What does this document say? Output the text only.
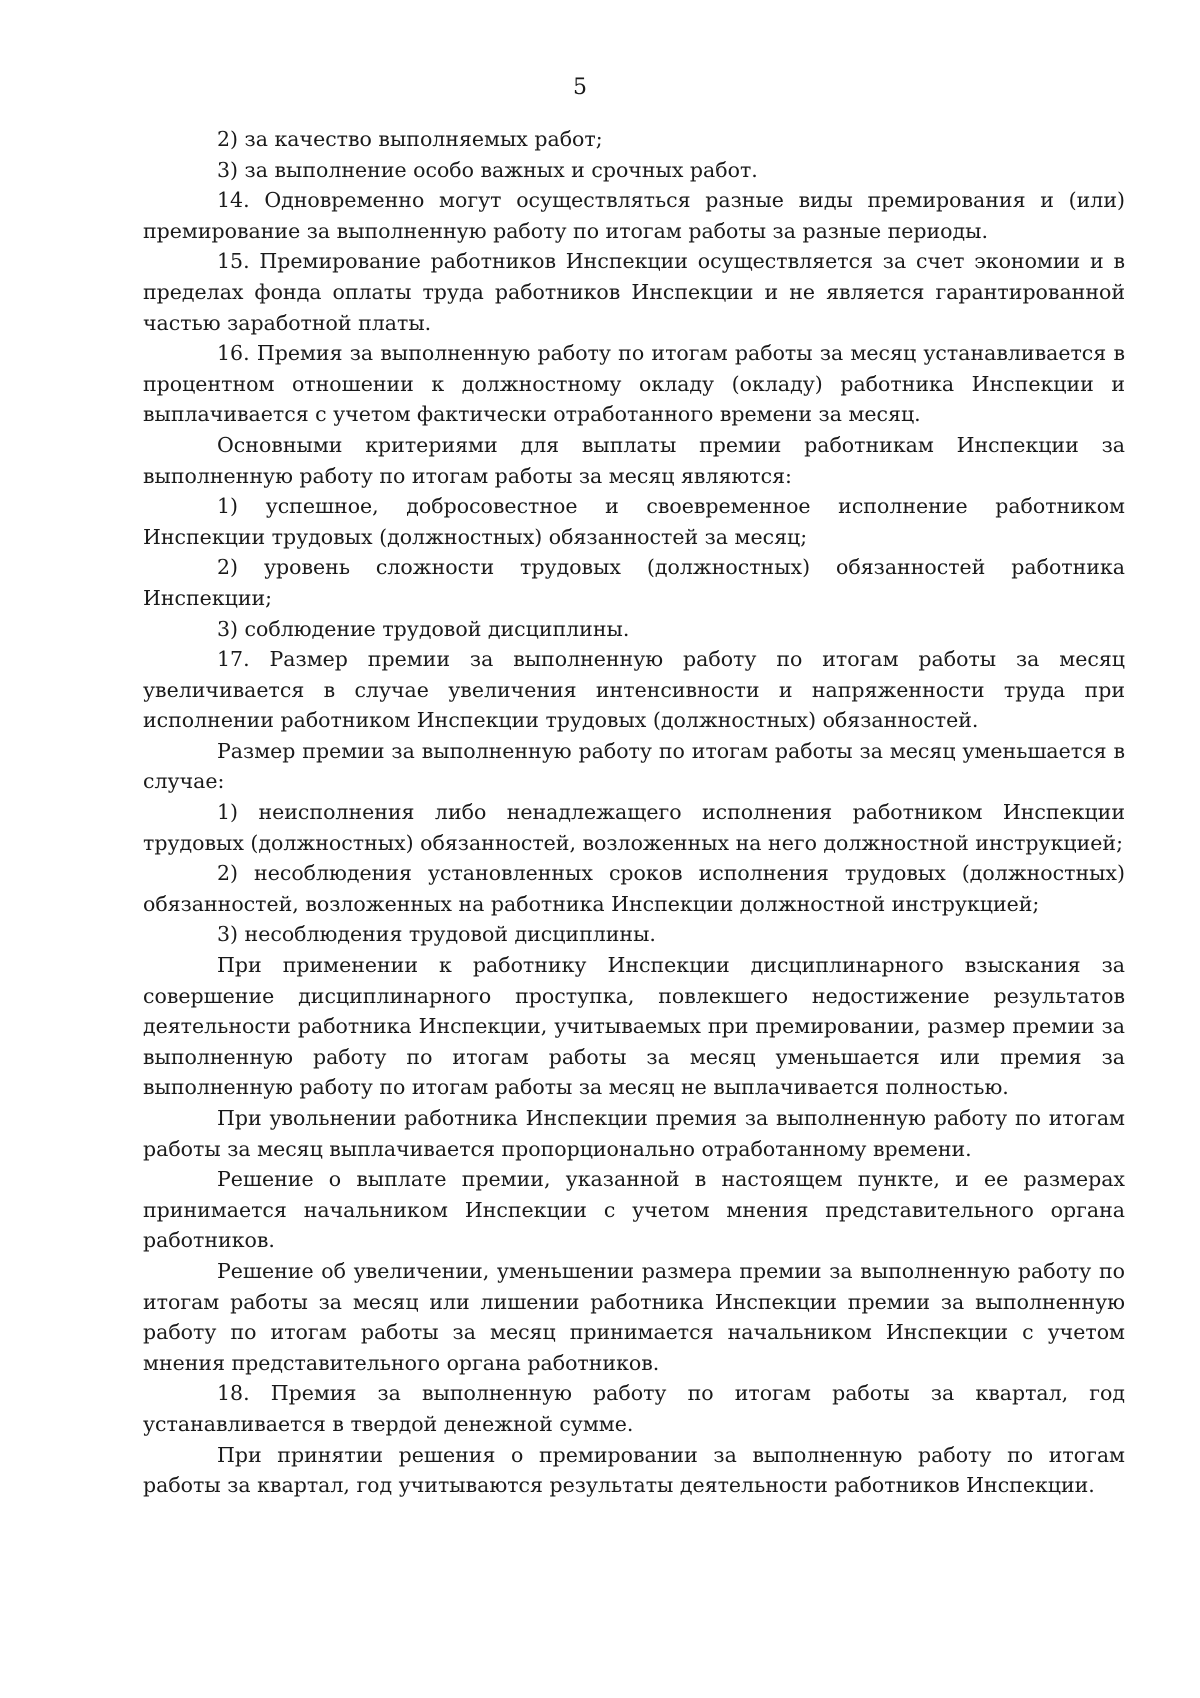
5

2) за качество выполняемых работ;

3) за выполнение особо важных и срочных работ.

14. Одновременно могут осуществляться разные виды премирования и (или) премирование за выполненную работу по итогам работы за разные периоды.

15. Премирование работников Инспекции осуществляется за счет экономии и в пределах фонда оплаты труда работников Инспекции и не является гарантированной частью заработной платы.

16. Премия за выполненную работу по итогам работы за месяц устанавливается в процентном отношении к должностному окладу (окладу) работника Инспекции и выплачивается с учетом фактически отработанного времени за месяц.

Основными критериями для выплаты премии работникам Инспекции за выполненную работу по итогам работы за месяц являются:

1) успешное, добросовестное и своевременное исполнение работником Инспекции трудовых (должностных) обязанностей за месяц;

2) уровень сложности трудовых (должностных) обязанностей работника Инспекции;

3) соблюдение трудовой дисциплины.

17. Размер премии за выполненную работу по итогам работы за месяц увеличивается в случае увеличения интенсивности и напряженности труда при исполнении работником Инспекции трудовых (должностных) обязанностей.

Размер премии за выполненную работу по итогам работы за месяц уменьшается в случае:

1) неисполнения либо ненадлежащего исполнения работником Инспекции трудовых (должностных) обязанностей, возложенных на него должностной инструкцией;

2) несоблюдения установленных сроков исполнения трудовых (должностных) обязанностей, возложенных на работника Инспекции должностной инструкцией;

3) несоблюдения трудовой дисциплины.

При применении к работнику Инспекции дисциплинарного взыскания за совершение дисциплинарного проступка, повлекшего недостижение результатов деятельности работника Инспекции, учитываемых при премировании, размер премии за выполненную работу по итогам работы за месяц уменьшается или премия за выполненную работу по итогам работы за месяц не выплачивается полностью.

При увольнении работника Инспекции премия за выполненную работу по итогам работы за месяц выплачивается пропорционально отработанному времени.

Решение о выплате премии, указанной в настоящем пункте, и ее размерах принимается начальником Инспекции с учетом мнения представительного органа работников.

Решение об увеличении, уменьшении размера премии за выполненную работу по итогам работы за месяц или лишении работника Инспекции премии за выполненную работу по итогам работы за месяц принимается начальником Инспекции с учетом мнения представительного органа работников.

18. Премия за выполненную работу по итогам работы за квартал, год устанавливается в твердой денежной сумме.

При принятии решения о премировании за выполненную работу по итогам работы за квартал, год учитываются результаты деятельности работников Инспекции.
